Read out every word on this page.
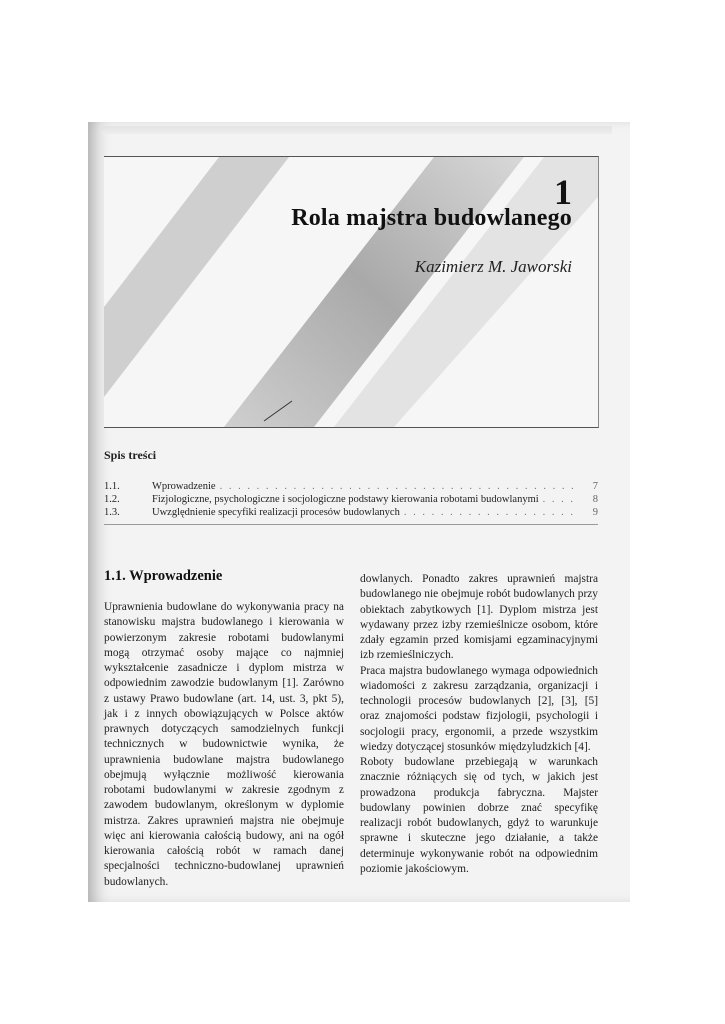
1
Rola majstra budowlanego
Kazimierz M. Jaworski
Spis treści
1.1.	Wprowadzenie . . .	7
1.2.	Fizjologiczne, psychologiczne i socjologiczne podstawy kierowania robotami budowlanymi . . .	8
1.3.	Uwzględnienie specyfiki realizacji procesów budowlanych . . .	9
1.1. Wprowadzenie

Uprawnienia budowlane do wykonywania pracy na stanowisku majstra budowlanego i kierowania w powierzonym zakresie robotami budowlanymi mogą otrzymać osoby mające co najmniej wykształcenie zasadnicze i dyplom mistrza w odpowiednim zawodzie budowlanym [1]. Zarówno z ustawy Prawo budowlane (art. 14, ust. 3, pkt 5), jak i z innych obowiązujących w Polsce aktów prawnych dotyczących samodzielnych funkcji technicznych w budownictwie wynika, że uprawnienia budowlane majstra budowlanego obejmują wyłącznie możliwość kierowania robotami budowlanymi w zakresie zgodnym z zawodem budowlanym, określonym w dyplomie mistrza. Zakres uprawnień majstra nie obejmuje więc ani kierowania całością budowy, ani na ogół kierowania całością robót w ramach danej specjalności techniczno-budowlanej uprawnień budowlanych.

dowlanych. Ponadto zakres uprawnień majstra budowlanego nie obejmuje robót budowlanych przy obiektach zabytkowych [1]. Dyplom mistrza jest wydawany przez izby rzemieślnicze osobom, które zdały egzamin przed komisjami egzaminacyjnymi izb rzemieślniczych.

Praca majstra budowlanego wymaga odpowiednich wiadomości z zakresu zarządzania, organizacji i technologii procesów budowlanych [2], [3], [5] oraz znajomości podstaw fizjologii, psychologii i socjologii pracy, ergonomii, a przede wszystkim wiedzy dotyczącej stosunków międzyludzkich [4].

Roboty budowlane przebiegają w warunkach znacznie różniących się od tych, w jakich jest prowadzona produkcja fabryczna. Majster budowlany powinien dobrze znać specyfikę realizacji robót budowlanych, gdyż to warunkuje sprawne i skuteczne jego działanie, a także determinuje wykonywanie robót na odpowiednim poziomie jakościowym.
